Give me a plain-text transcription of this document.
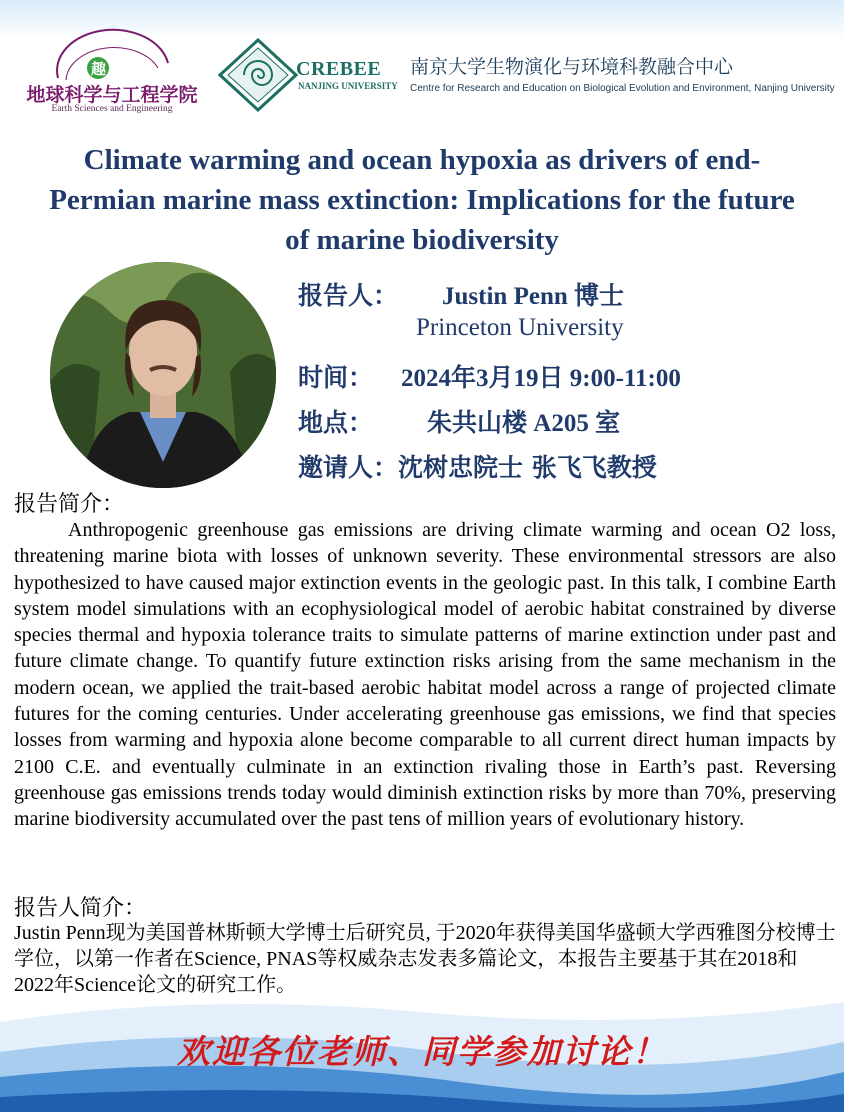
趣
地球科学与工程学院
Earth Sciences and Engineering
CREBEE
NANJING UNIVERSITY
南京大学生物演化与环境科教融合中心
Centre for Research and Education on Biological Evolution and Environment, Nanjing University
Climate warming and ocean hypoxia as drivers of end-Permian marine mass extinction: Implications for the future of marine biodiversity
报告人： Justin Penn 博士
Princeton University
时间： 2024年3月19日 9:00-11:00
地点： 朱共山楼 A205 室
邀请人：沈树忠院士 张飞飞教授
报告简介：
Anthropogenic greenhouse gas emissions are driving climate warming and ocean O2 loss, threatening marine biota with losses of unknown severity. These environmental stressors are also hypothesized to have caused major extinction events in the geologic past. In this talk, I combine Earth system model simulations with an ecophysiological model of aerobic habitat constrained by diverse species thermal and hypoxia tolerance traits to simulate patterns of marine extinction under past and future climate change. To quantify future extinction risks arising from the same mechanism in the modern ocean, we applied the trait-based aerobic habitat model across a range of projected climate futures for the coming centuries. Under accelerating greenhouse gas emissions, we find that species losses from warming and hypoxia alone become comparable to all current direct human impacts by 2100 C.E. and eventually culminate in an extinction rivaling those in Earth’s past. Reversing greenhouse gas emissions trends today would diminish extinction risks by more than 70%, preserving marine biodiversity accumulated over the past tens of million years of evolutionary history.
报告人简介：
Justin Penn现为美国普林斯顿大学博士后研究员, 于2020年获得美国华盛顿大学西雅图分校博士学位，以第一作者在Science, PNAS等权威杂志发表多篇论文，本报告主要基于其在2018和2022年Science论文的研究工作。
欢迎各位老师、同学参加讨论！
